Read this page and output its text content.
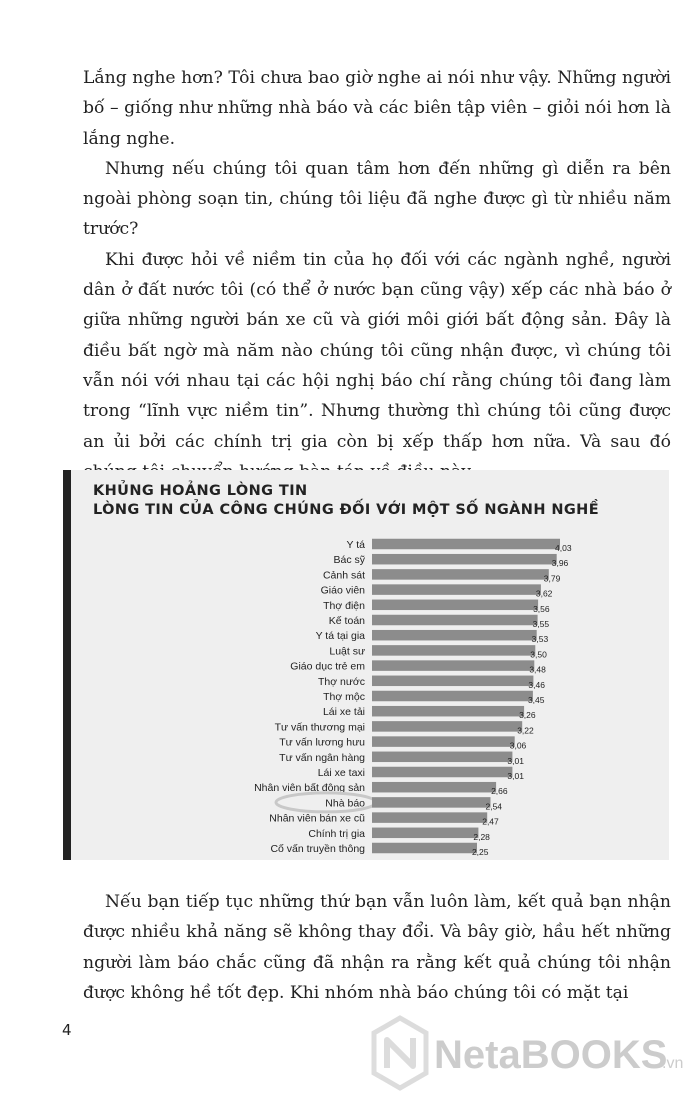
Lắng nghe hơn? Tôi chưa bao giờ nghe ai nói như vậy. Những người bố – giống như những nhà báo và các biên tập viên – giỏi nói hơn là lắng nghe.

Nhưng nếu chúng tôi quan tâm hơn đến những gì diễn ra bên ngoài phòng soạn tin, chúng tôi liệu đã nghe được gì từ nhiều năm trước?

Khi được hỏi về niềm tin của họ đối với các ngành nghề, người dân ở đất nước tôi (có thể ở nước bạn cũng vậy) xếp các nhà báo ở giữa những người bán xe cũ và giới môi giới bất động sản. Đây là điều bất ngờ mà năm nào chúng tôi cũng nhận được, vì chúng tôi vẫn nói với nhau tại các hội nghị báo chí rằng chúng tôi đang làm trong “lĩnh vực niềm tin”. Nhưng thường thì chúng tôi cũng được an ủi bởi các chính trị gia còn bị xếp thấp hơn nữa. Và sau đó

KHỦNG HOẢNG LÒNG TIN
LÒNG TIN CỦA CÔNG CHÚNG ĐỐI VỚI MỘT SỐ NGÀNH NGHỀ
Y tá	4,03
Bác sỹ	3,96
Cảnh sát	3,79
Giáo viên	3,62
Thợ điện	3,56
Kế toán	3,55
Y tá tại gia	3,53
Luật sư	3,50
Giáo dục trẻ em	3,48
Thợ nước	3,46
Thợ mộc	3,45
Lái xe tải	3,26
Tư vấn thương mại	3,22
Tư vấn lương hưu	3,06
Tư vấn ngân hàng	3,01
Lái xe taxi	3,01
Nhân viên bất động sản	2,66
Nhà báo	2,54
Nhân viên bán xe cũ	2,47
Chính trị gia	2,28
Cố vấn truyền thông	2,25

Nếu bạn tiếp tục những thứ bạn vẫn luôn làm, kết quả bạn nhận được nhiều khả năng sẽ không thay đổi. Và bây giờ, hầu hết những người làm báo chắc cũng đã nhận ra rằng kết quả chúng tôi nhận được không hề tốt đẹp. Khi nhóm nhà báo chúng tôi có mặt tại

4
NetaBOOKS
.vn
